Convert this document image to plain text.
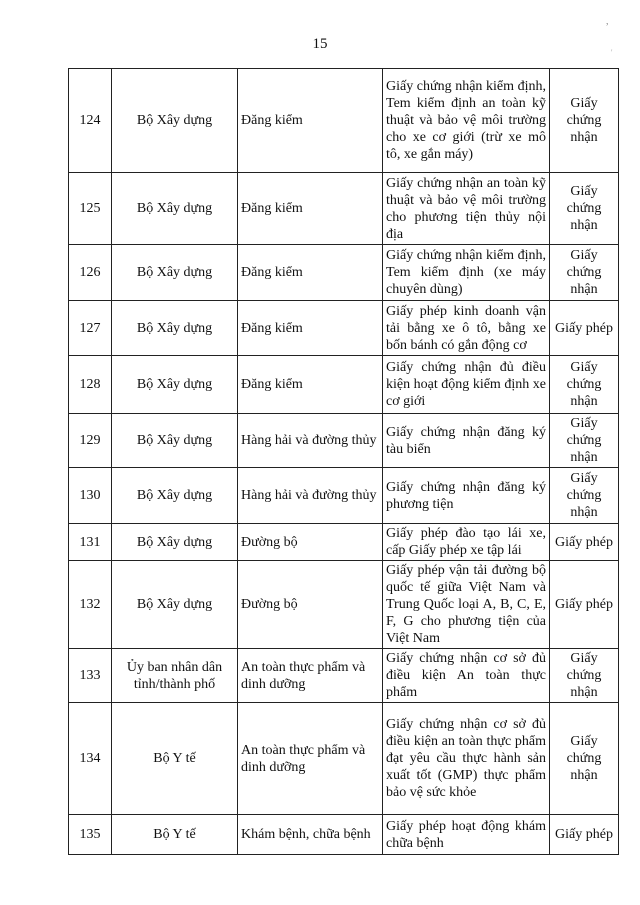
15
,
'
124	Bộ Xây dựng	Đăng kiểm	Giấy chứng nhận kiểm định, Tem kiểm định an toàn kỹ thuật và bảo vệ môi trường cho xe cơ giới (trừ xe mô tô, xe gắn máy)	Giấy chứng nhận
125	Bộ Xây dựng	Đăng kiểm	Giấy chứng nhận an toàn kỹ thuật và bảo vệ môi trường cho phương tiện thủy nội địa	Giấy chứng nhận
126	Bộ Xây dựng	Đăng kiểm	Giấy chứng nhận kiểm định, Tem kiểm định (xe máy chuyên dùng)	Giấy chứng nhận
127	Bộ Xây dựng	Đăng kiểm	Giấy phép kinh doanh vận tải bằng xe ô tô, bằng xe bốn bánh có gắn động cơ	Giấy phép
128	Bộ Xây dựng	Đăng kiểm	Giấy chứng nhận đủ điều kiện hoạt động kiểm định xe cơ giới	Giấy chứng nhận
129	Bộ Xây dựng	Hàng hải và đường thủy	Giấy chứng nhận đăng ký tàu biển	Giấy chứng nhận
130	Bộ Xây dựng	Hàng hải và đường thủy	Giấy chứng nhận đăng ký phương tiện	Giấy chứng nhận
131	Bộ Xây dựng	Đường bộ	Giấy phép đào tạo lái xe, cấp Giấy phép xe tập lái	Giấy phép
132	Bộ Xây dựng	Đường bộ	Giấy phép vận tải đường bộ quốc tế giữa Việt Nam và Trung Quốc loại A, B, C, E, F, G cho phương tiện của Việt Nam	Giấy phép
133	Ủy ban nhân dân tỉnh/thành phố	An toàn thực phẩm và dinh dưỡng	Giấy chứng nhận cơ sở đủ điều kiện An toàn thực phẩm	Giấy chứng nhận
134	Bộ Y tế	An toàn thực phẩm và dinh dưỡng	Giấy chứng nhận cơ sở đủ điều kiện an toàn thực phẩm đạt yêu cầu thực hành sản xuất tốt (GMP) thực phẩm bảo vệ sức khỏe	Giấy chứng nhận
135	Bộ Y tế	Khám bệnh, chữa bệnh	Giấy phép hoạt động khám chữa bệnh	Giấy phép
